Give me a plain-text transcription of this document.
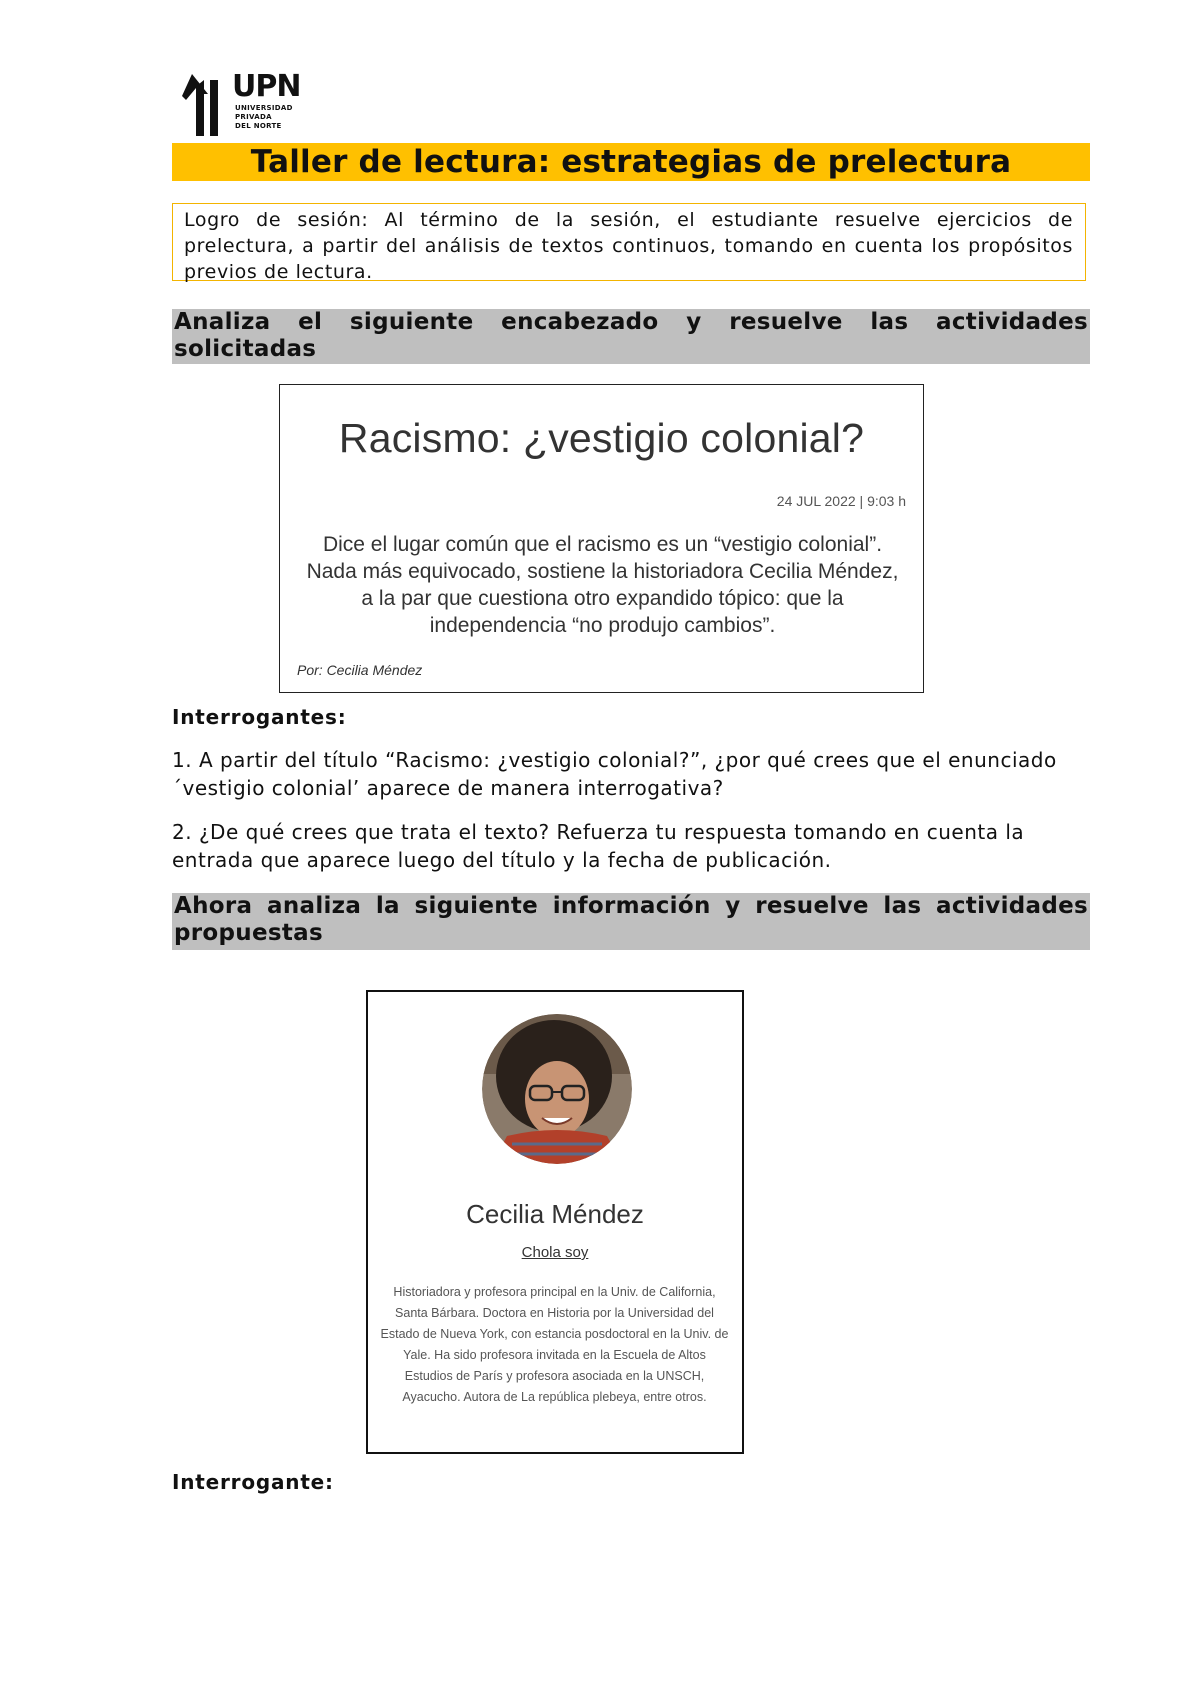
UPN
UNIVERSIDAD
PRIVADA
DEL NORTE
Taller de lectura: estrategias de prelectura
Logro de sesión: Al término de la sesión, el estudiante resuelve ejercicios de prelectura, a partir del análisis de textos continuos, tomando en cuenta los propósitos previos de lectura.
Analiza el siguiente encabezado y resuelve las actividades solicitadas
Racismo: ¿vestigio colonial?
24 JUL 2022 | 9:03 h
Dice el lugar común que el racismo es un “vestigio colonial”. Nada más equivocado, sostiene la historiadora Cecilia Méndez, a la par que cuestiona otro expandido tópico: que la independencia “no produjo cambios”.
Por: Cecilia Méndez
Interrogantes:
1. A partir del título “Racismo: ¿vestigio colonial?”, ¿por qué crees que el enunciado ´vestigio colonial’ aparece de manera interrogativa?
2. ¿De qué crees que trata el texto? Refuerza tu respuesta tomando en cuenta la entrada que aparece luego del título y la fecha de publicación.
Ahora analiza la siguiente información y resuelve las actividades propuestas
Cecilia Méndez
Chola soy
Historiadora y profesora principal en la Univ. de California, Santa Bárbara. Doctora en Historia por la Universidad del Estado de Nueva York, con estancia posdoctoral en la Univ. de Yale. Ha sido profesora invitada en la Escuela de Altos Estudios de París y profesora asociada en la UNSCH, Ayacucho. Autora de La república plebeya, entre otros.
Interrogante:
